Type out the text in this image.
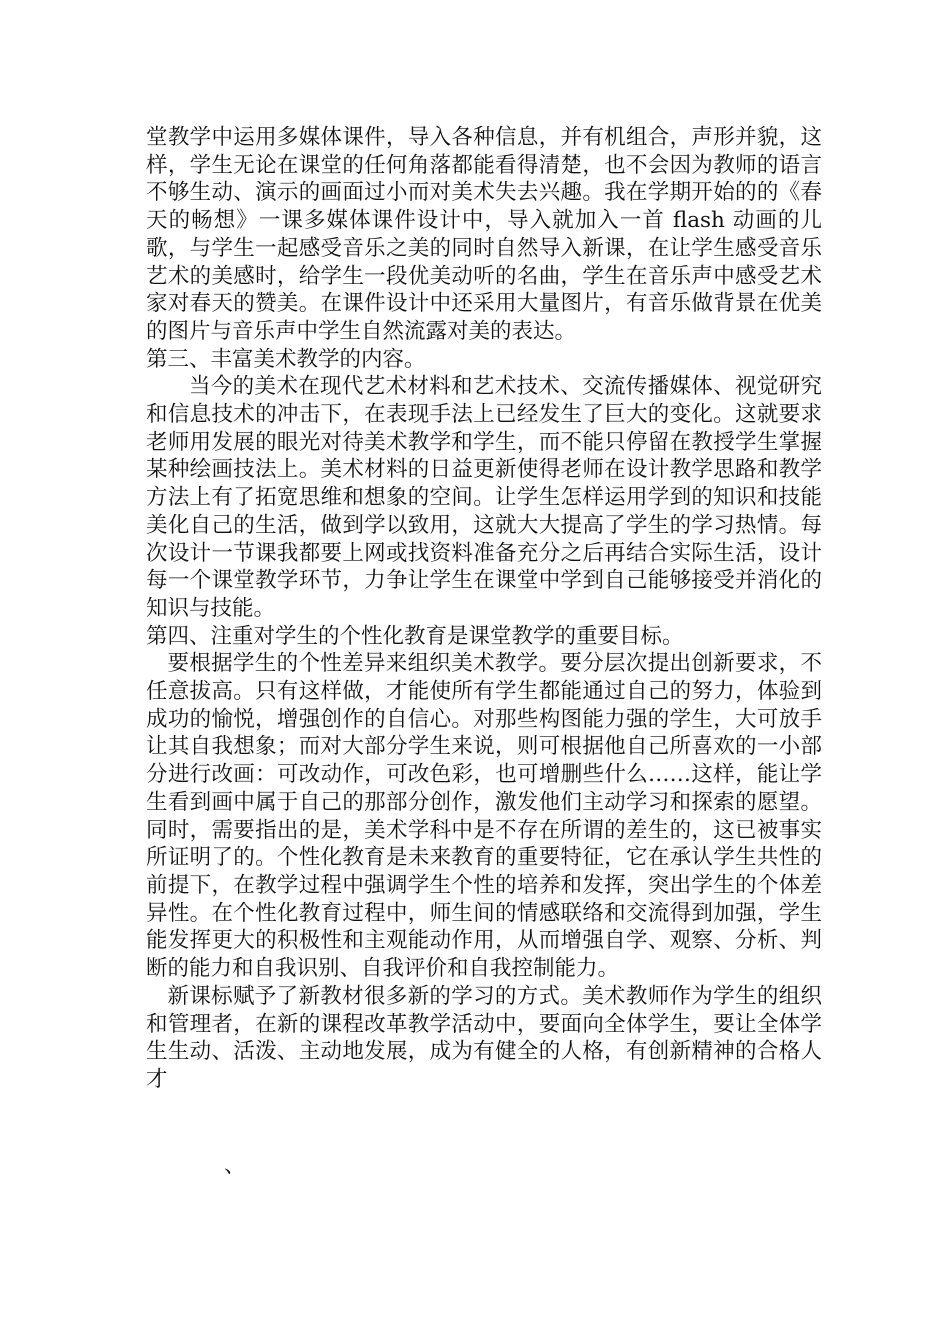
堂教学中运用多媒体课件，导入各种信息，并有机组合，声形并貌，这样，学生无论在课堂的任何角落都能看得清楚，也不会因为教师的语言不够生动、演示的画面过小而对美术失去兴趣。我在学期开始的的《春天的畅想》一课多媒体课件设计中，导入就加入一首 flash 动画的儿歌，与学生一起感受音乐之美的同时自然导入新课，在让学生感受音乐艺术的美感时，给学生一段优美动听的名曲，学生在音乐声中感受艺术家对春天的赞美。在课件设计中还采用大量图片，有音乐做背景在优美的图片与音乐声中学生自然流露对美的表达。

第三、丰富美术教学的内容。

当今的美术在现代艺术材料和艺术技术、交流传播媒体、视觉研究和信息技术的冲击下，在表现手法上已经发生了巨大的变化。这就要求老师用发展的眼光对待美术教学和学生，而不能只停留在教授学生掌握某种绘画技法上。美术材料的日益更新使得老师在设计教学思路和教学方法上有了拓宽思维和想象的空间。让学生怎样运用学到的知识和技能美化自己的生活，做到学以致用，这就大大提高了学生的学习热情。每次设计一节课我都要上网或找资料准备充分之后再结合实际生活，设计每一个课堂教学环节，力争让学生在课堂中学到自己能够接受并消化的知识与技能。

第四、注重对学生的个性化教育是课堂教学的重要目标。

要根据学生的个性差异来组织美术教学。要分层次提出创新要求，不任意拔高。只有这样做，才能使所有学生都能通过自己的努力，体验到成功的愉悦，增强创作的自信心。对那些构图能力强的学生，大可放手让其自我想象；而对大部分学生来说，则可根据他自己所喜欢的一小部分进行改画：可改动作，可改色彩，也可增删些什么……这样，能让学生看到画中属于自己的那部分创作，激发他们主动学习和探索的愿望。同时，需要指出的是，美术学科中是不存在所谓的差生的，这已被事实所证明了的。个性化教育是未来教育的重要特征，它在承认学生共性的前提下，在教学过程中强调学生个性的培养和发挥，突出学生的个体差异性。在个性化教育过程中，师生间的情感联络和交流得到加强，学生能发挥更大的积极性和主观能动作用，从而增强自学、观察、分析、判断的能力和自我识别、自我评价和自我控制能力。

新课标赋予了新教材很多新的学习的方式。美术教师作为学生的组织和管理者，在新的课程改革教学活动中，要面向全体学生，要让全体学生生动、活泼、主动地发展，成为有健全的人格，有创新精神的合格人才

、
